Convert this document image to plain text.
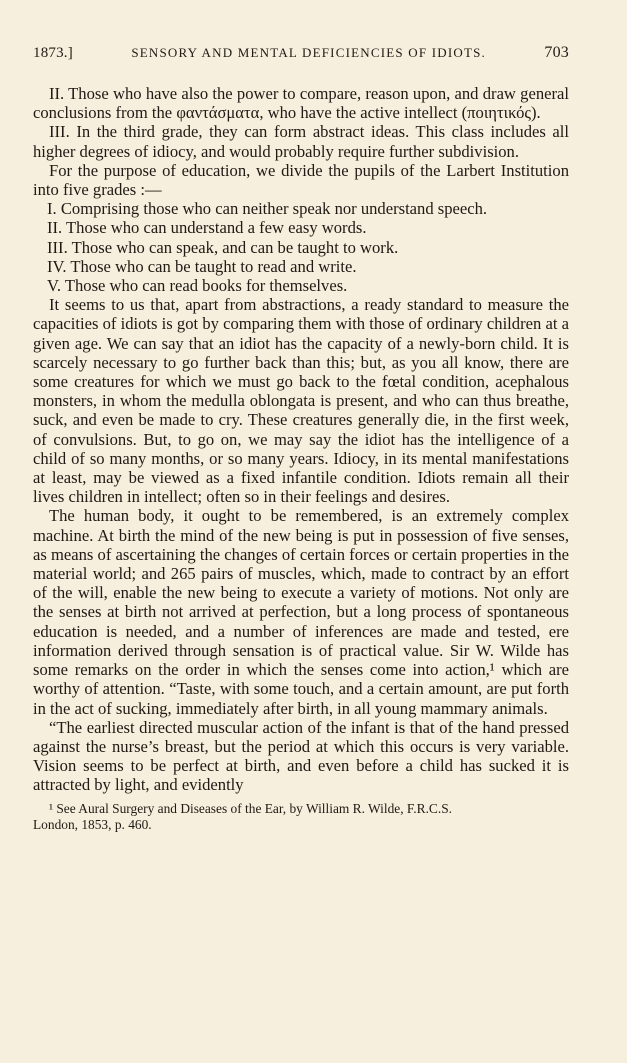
1873.]	SENSORY AND MENTAL DEFICIENCIES OF IDIOTS.	703

II. Those who have also the power to compare, reason upon, and draw general conclusions from the φαντάσματα, who have the active intellect (ποιητικός).

III. In the third grade, they can form abstract ideas. This class includes all higher degrees of idiocy, and would probably require further subdivision.

For the purpose of education, we divide the pupils of the Larbert Institution into five grades :—

I. Comprising those who can neither speak nor understand speech.

II. Those who can understand a few easy words.

III. Those who can speak, and can be taught to work.

IV. Those who can be taught to read and write.

V. Those who can read books for themselves.

It seems to us that, apart from abstractions, a ready standard to measure the capacities of idiots is got by comparing them with those of ordinary children at a given age. We can say that an idiot has the capacity of a newly-born child. It is scarcely necessary to go further back than this; but, as you all know, there are some creatures for which we must go back to the fœtal condition, acephalous monsters, in whom the medulla oblongata is present, and who can thus breathe, suck, and even be made to cry. These creatures generally die, in the first week, of convulsions. But, to go on, we may say the idiot has the intelligence of a child of so many months, or so many years. Idiocy, in its mental manifestations at least, may be viewed as a fixed infantile condition. Idiots remain all their lives children in intellect; often so in their feelings and desires.

The human body, it ought to be remembered, is an extremely complex machine. At birth the mind of the new being is put in possession of five senses, as means of ascertaining the changes of certain forces or certain properties in the material world; and 265 pairs of muscles, which, made to contract by an effort of the will, enable the new being to execute a variety of motions. Not only are the senses at birth not arrived at perfection, but a long process of spontaneous education is needed, and a number of inferences are made and tested, ere information derived through sensation is of practical value. Sir W. Wilde has some remarks on the order in which the senses come into action,¹ which are worthy of attention. “Taste, with some touch, and a certain amount, are put forth in the act of sucking, immediately after birth, in all young mammary animals.

“The earliest directed muscular action of the infant is that of the hand pressed against the nurse’s breast, but the period at which this occurs is very variable. Vision seems to be perfect at birth, and even before a child has sucked it is attracted by light, and evidently

¹ See Aural Surgery and Diseases of the Ear, by William R. Wilde, F.R.C.S.

London, 1853, p. 460.
